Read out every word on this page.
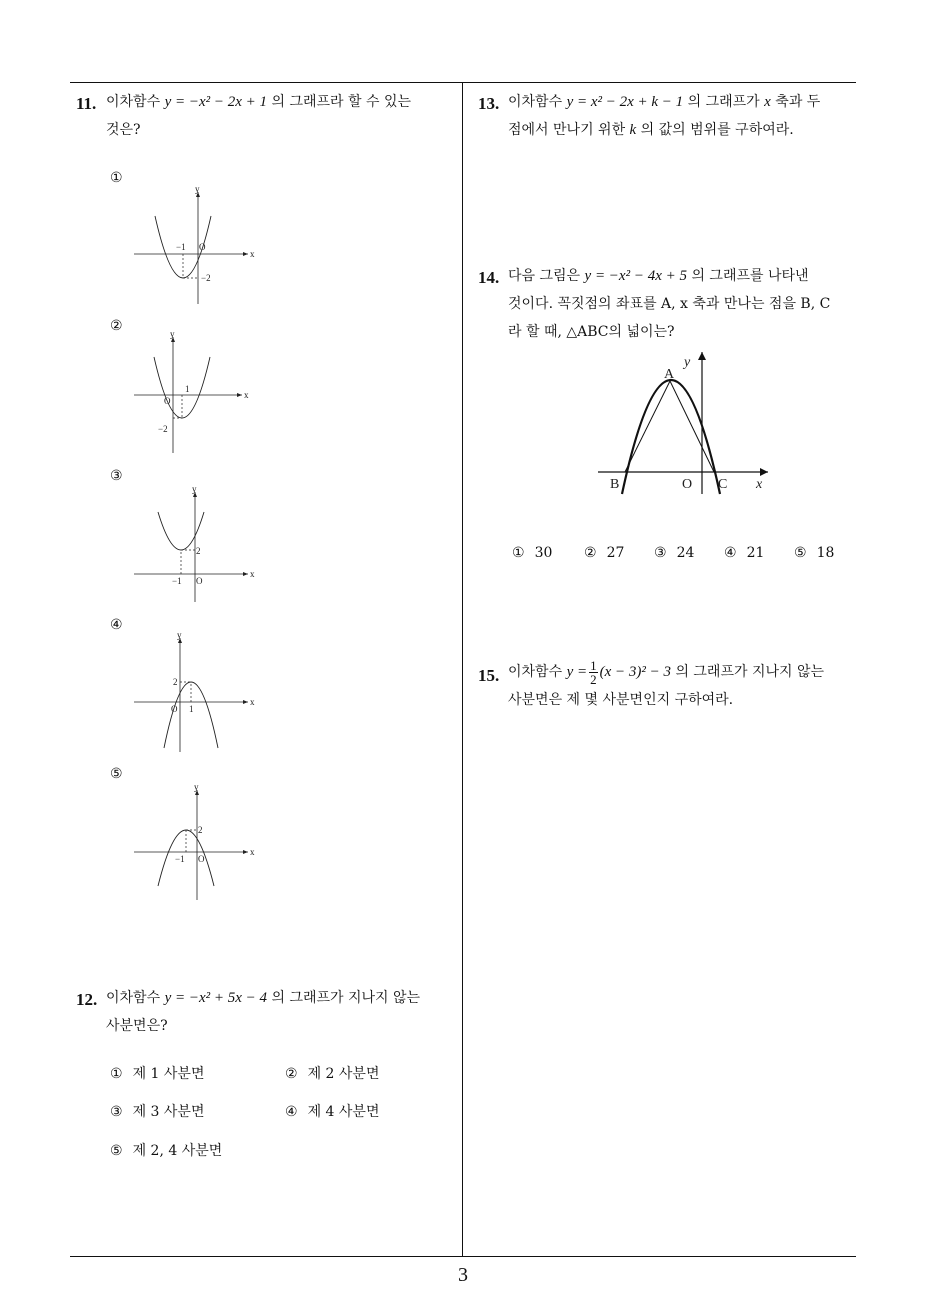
11. 이차함수 y = −x² − 2x + 1 의 그래프라 할 수 있는
것은?
①
②
③
④
⑤
−1 O
−2
x
y
1
O
−2
x
y
−1 O
2
x
y
2
O 1
x
y
2
−1 O
x
y
12. 이차함수 y = −x² + 5x − 4 의 그래프가 지나지 않는
사분면은?
① 제 1 사분면	② 제 2 사분면
③ 제 3 사분면	④ 제 4 사분면
⑤ 제 2, 4 사분면
13. 이차함수 y = x² − 2x + k − 1 의 그래프가 x 축과 두
점에서 만나기 위한 k 의 값의 범위를 구하여라.
14. 다음 그림은 y = −x² − 4x + 5 의 그래프를 나타낸
것이다. 꼭짓점의 좌표를 A, x 축과 만나는 점을 B, C
라 할 때, △ABC의 넓이는?
A
B	O C x
y
① 30 ② 27 ③ 24 ④ 21 ⑤ 18
15. 이차함수 $y = \frac{1}{2} (x - 3)^2 - 3$ 의 그래프가 지나지 않는
사분면은 제 몇 사분면인지 구하여라.
3
